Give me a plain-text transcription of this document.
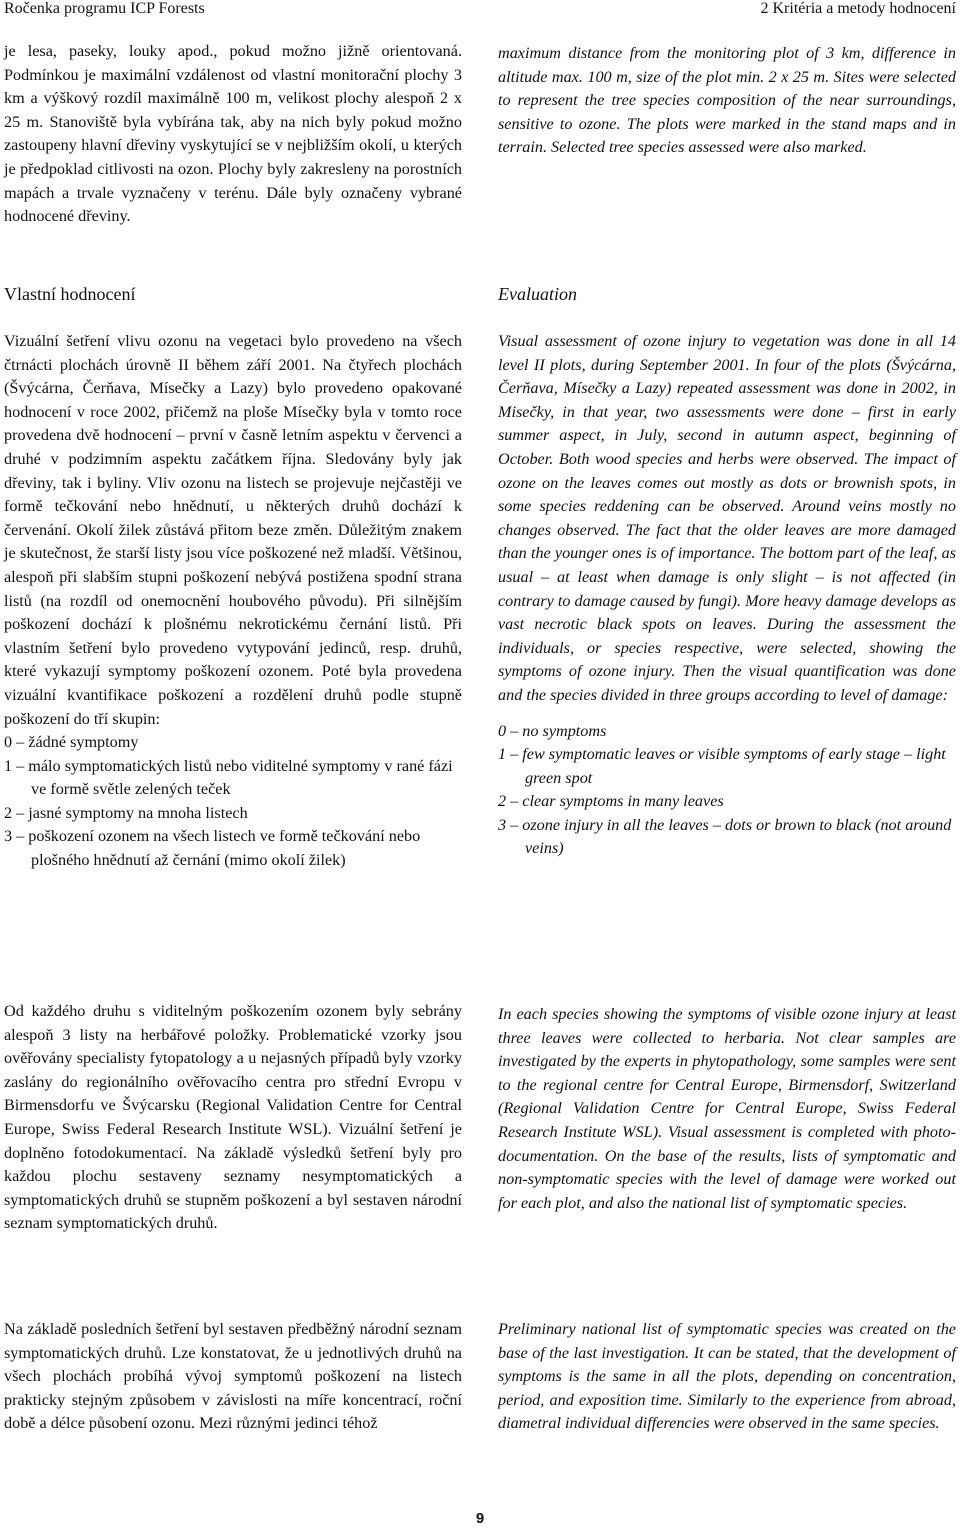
Ročenka programu ICP Forests	2 Kritéria a metody hodnocení

je lesa, paseky, louky apod., pokud možno jižně orientovaná. Podmínkou je maximální vzdálenost od vlastní monitorační plochy 3 km a výškový rozdíl maximálně 100 m, velikost plochy alespoň 2 x 25 m. Stanoviště byla vybírána tak, aby na nich byly pokud možno zastoupeny hlavní dřeviny vyskytující se v nejbližším okolí, u kterých je předpoklad citlivosti na ozon. Plochy byly zakresleny na porostních mapách a trvale vyznačeny v terénu. Dále byly označeny vybrané hodnocené dřeviny.

Vlastní hodnocení

Vizuální šetření vlivu ozonu na vegetaci bylo provedeno na všech čtrnácti plochách úrovně II během září 2001. Na čtyřech plochách (Švýcárna, Čerňava, Mísečky a Lazy) bylo provedeno opakované hodnocení v roce 2002, přičemž na ploše Mísečky byla v tomto roce provedena dvě hodnocení – první v časně letním aspektu v červenci a druhé v podzimním aspektu začátkem října. Sledovány byly jak dřeviny, tak i byliny. Vliv ozonu na listech se projevuje nejčastěji ve formě tečkování nebo hnědnutí, u některých druhů dochází k červenání. Okolí žilek zůstává přitom beze změn. Důležitým znakem je skutečnost, že starší listy jsou více poškozené než mladší. Většinou, alespoň při slabším stupni poškození nebývá postižena spodní strana listů (na rozdíl od onemocnění houbového původu). Při silnějším poškození dochází k plošnému nekrotickému černání listů. Při vlastním šetření bylo provedeno vytypování jedinců, resp. druhů, které vykazují symptomy poškození ozonem. Poté byla provedena vizuální kvantifikace poškození a rozdělení druhů podle stupně poškození do tří skupin:

0 – žádné symptomy

1 – málo symptomatických listů nebo viditelné symptomy v rané fázi ve formě světle zelených teček

2 – jasné symptomy na mnoha listech

3 – poškození ozonem na všech listech ve formě tečkování nebo plošného hnědnutí až černání (mimo okolí žilek)

Od každého druhu s viditelným poškozením ozonem byly sebrány alespoň 3 listy na herbářové položky. Problematické vzorky jsou ověřovány specialisty fytopatology a u nejasných případů byly vzorky zaslány do regionálního ověřovacího centra pro střední Evropu v Birmensdorfu ve Švýcarsku (Regional Validation Centre for Central Europe, Swiss Federal Research Institute WSL). Vizuální šetření je doplněno fotodokumentací. Na základě výsledků šetření byly pro každou plochu sestaveny seznamy nesymptomatických a symptomatických druhů se stupněm poškození a byl sestaven národní seznam symptomatických druhů.

Na základě posledních šetření byl sestaven předběžný národní seznam symptomatických druhů. Lze konstatovat, že u jednotlivých druhů na všech plochách probíhá vývoj symptomů poškození na listech prakticky stejným způsobem v závislosti na míře koncentrací, roční době a délce působení ozonu. Mezi různými jedinci téhož

maximum distance from the monitoring plot of 3 km, difference in altitude max. 100 m, size of the plot min. 2 x 25 m. Sites were selected to represent the tree species composition of the near surroundings, sensitive to ozone. The plots were marked in the stand maps and in terrain. Selected tree species assessed were also marked.

Evaluation

Visual assessment of ozone injury to vegetation was done in all 14 level II plots, during September 2001. In four of the plots (Švýcárna, Čerňava, Mísečky a Lazy) repeated assessment was done in 2002, in Misečky, in that year, two assessments were done – first in early summer aspect, in July, second in autumn aspect, beginning of October. Both wood species and herbs were observed. The impact of ozone on the leaves comes out mostly as dots or brownish spots, in some species reddening can be observed. Around veins mostly no changes observed. The fact that the older leaves are more damaged than the younger ones is of importance. The bottom part of the leaf, as usual – at least when damage is only slight – is not affected (in contrary to damage caused by fungi). More heavy damage develops as vast necrotic black spots on leaves. During the assessment the individuals, or species respective, were selected, showing the symptoms of ozone injury. Then the visual quantification was done and the species divided in three groups according to level of damage:

0 – no symptoms

1 – few symptomatic leaves or visible symptoms of early stage – light green spot

2 – clear symptoms in many leaves

3 – ozone injury in all the leaves – dots or brown to black (not around veins)

In each species showing the symptoms of visible ozone injury at least three leaves were collected to herbaria. Not clear samples are investigated by the experts in phytopathology, some samples were sent to the regional centre for Central Europe, Birmensdorf, Switzerland (Regional Validation Centre for Central Europe, Swiss Federal Research Institute WSL). Visual assessment is completed with photo-documentation. On the base of the results, lists of symptomatic and non-symptomatic species with the level of damage were worked out for each plot, and also the national list of symptomatic species.

Preliminary national list of symptomatic species was created on the base of the last investigation. It can be stated, that the development of symptoms is the same in all the plots, depending on concentration, period, and exposition time. Similarly to the experience from abroad, diametral individual differencies were observed in the same species.

9
